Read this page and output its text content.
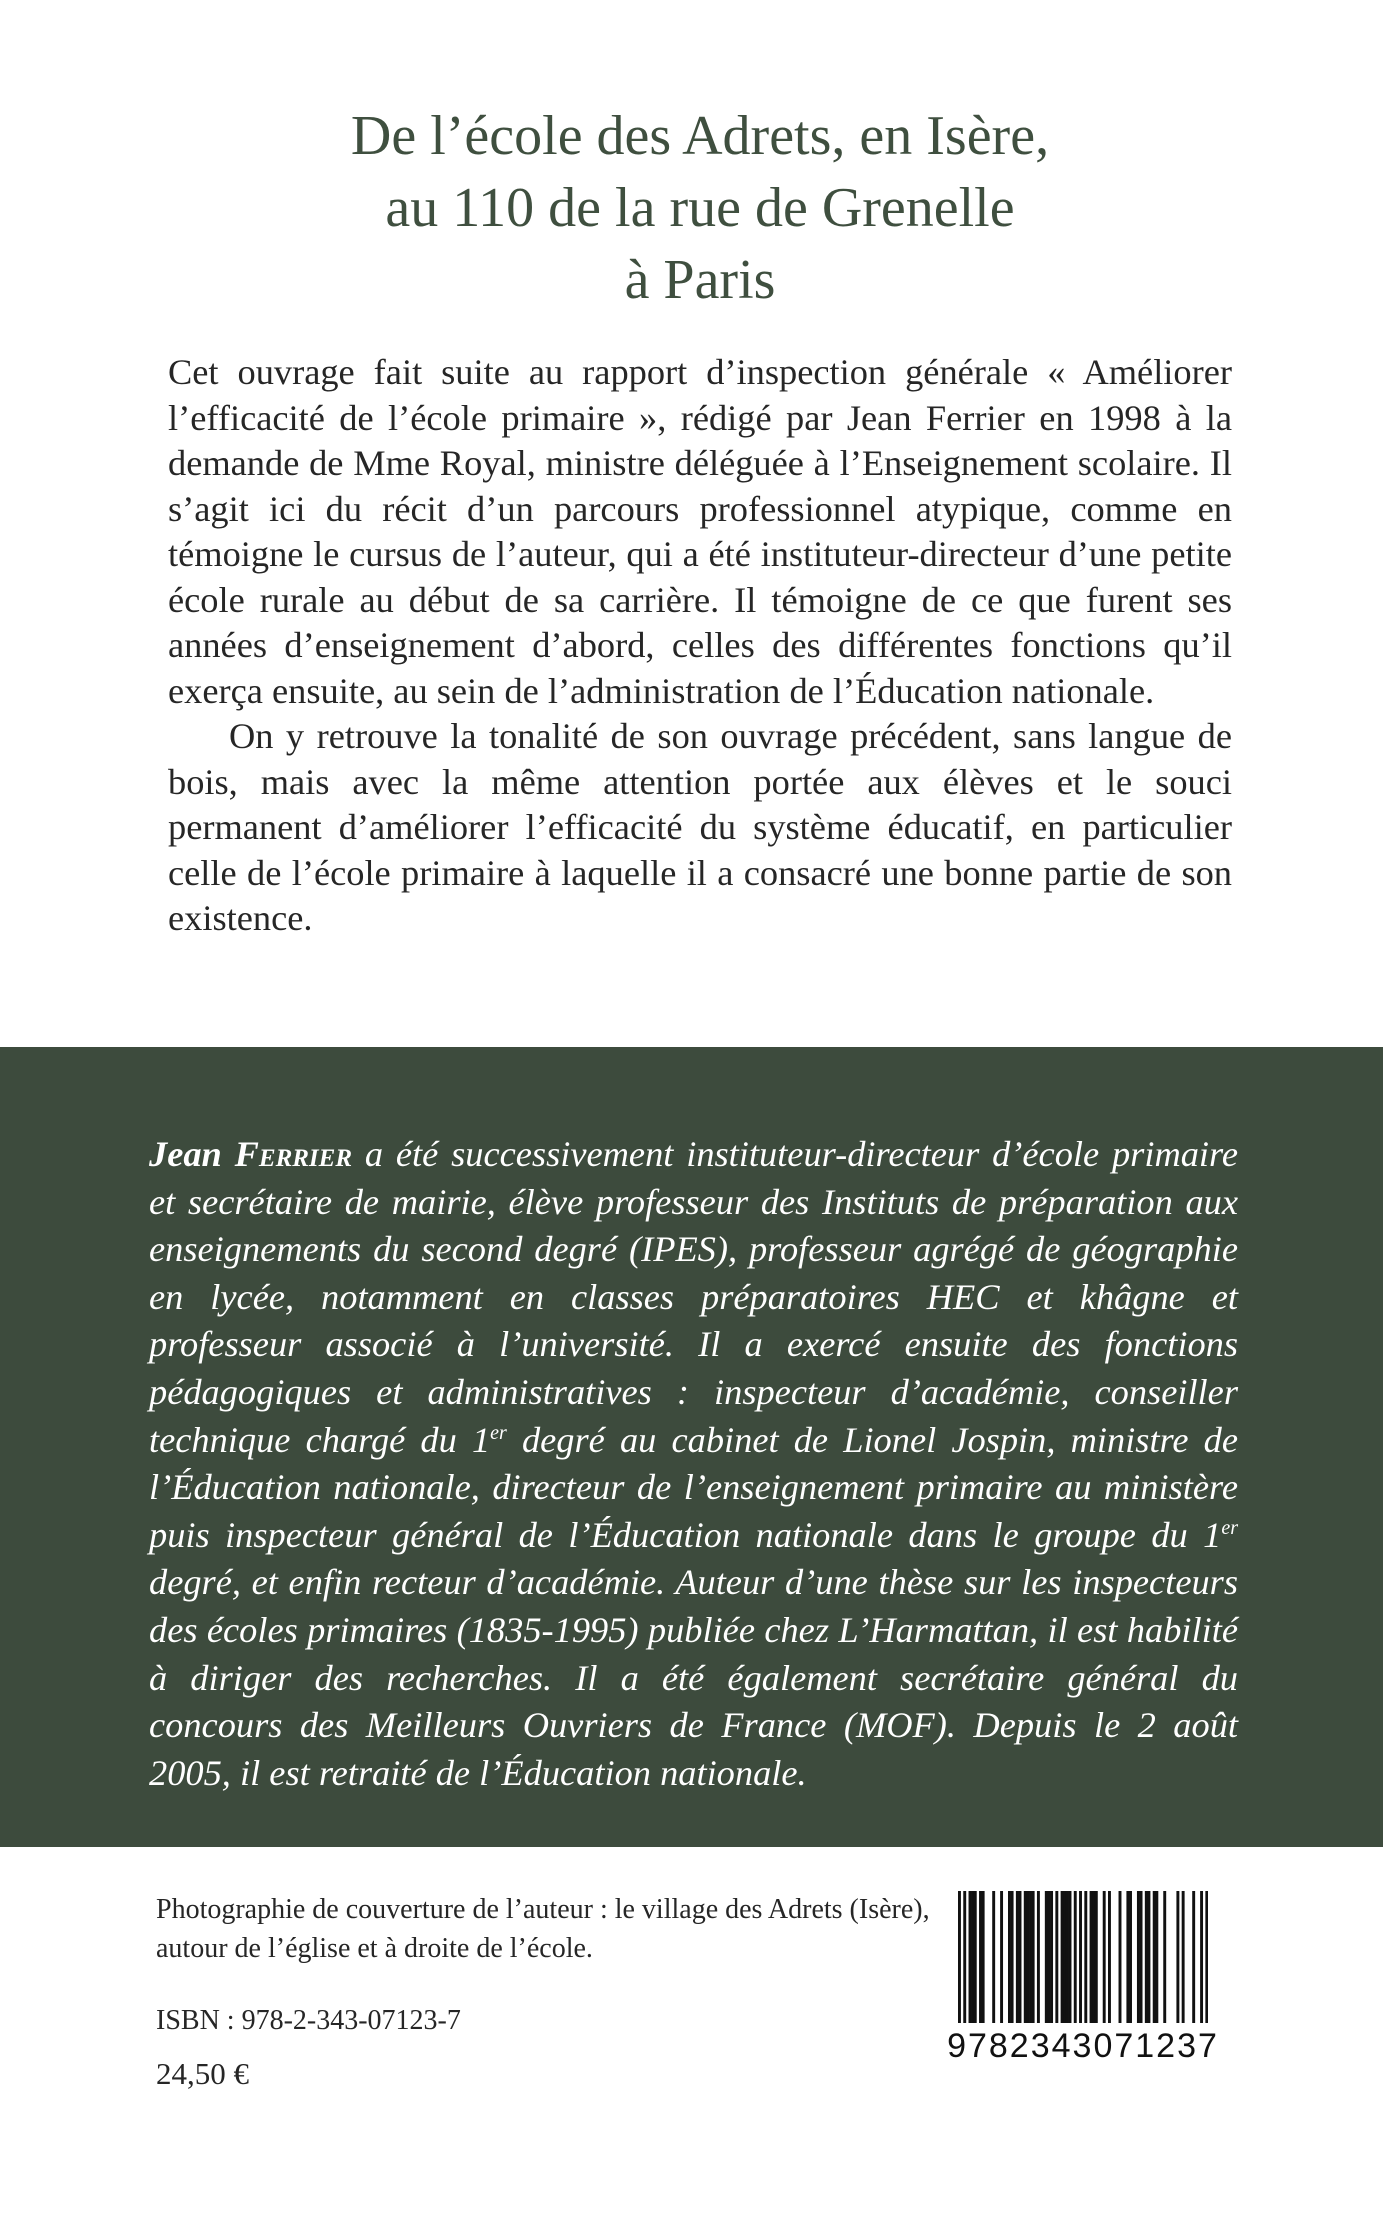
De l’école des Adrets, en Isère,
au 110 de la rue de Grenelle
à Paris

Cet ouvrage fait suite au rapport d’inspection générale « Améliorer l’efficacité de l’école primaire », rédigé par Jean Ferrier en 1998 à la demande de Mme Royal, ministre déléguée à l’Enseignement scolaire. Il s’agit ici du récit d’un parcours professionnel atypique, comme en témoigne le cursus de l’auteur, qui a été instituteur-directeur d’une petite école rurale au début de sa carrière. Il témoigne de ce que furent ses années d’enseignement d’abord, celles des différentes fonctions qu’il exerça ensuite, au sein de l’administration de l’Éducation nationale.

On y retrouve la tonalité de son ouvrage précédent, sans langue de bois, mais avec la même attention portée aux élèves et le souci permanent d’améliorer l’efficacité du système éducatif, en particulier celle de l’école primaire à laquelle il a consacré une bonne partie de son existence.

Jean Ferrier a été successivement instituteur-directeur d’école primaire et secrétaire de mairie, élève professeur des Instituts de préparation aux enseignements du second degré (IPES), professeur agrégé de géographie en lycée, notamment en classes préparatoires HEC et khâgne et professeur associé à l’université. Il a exercé ensuite des fonctions pédagogiques et administratives : inspecteur d’académie, conseiller technique chargé du 1er degré au cabinet de Lionel Jospin, ministre de l’Éducation nationale, directeur de l’enseignement primaire au ministère puis inspecteur général de l’Éducation nationale dans le groupe du 1er degré, et enfin recteur d’académie. Auteur d’une thèse sur les inspecteurs des écoles primaires (1835-1995) publiée chez L’Harmattan, il est habilité à diriger des recherches. Il a été également secrétaire général du concours des Meilleurs Ouvriers de France (MOF). Depuis le 2 août 2005, il est retraité de l’Éducation nationale.

Photographie de couverture de l’auteur : le village des Adrets (Isère), autour de l’église et à droite de l’école.

ISBN : 978-2-343-07123-7
24,50 €
9782343071237
